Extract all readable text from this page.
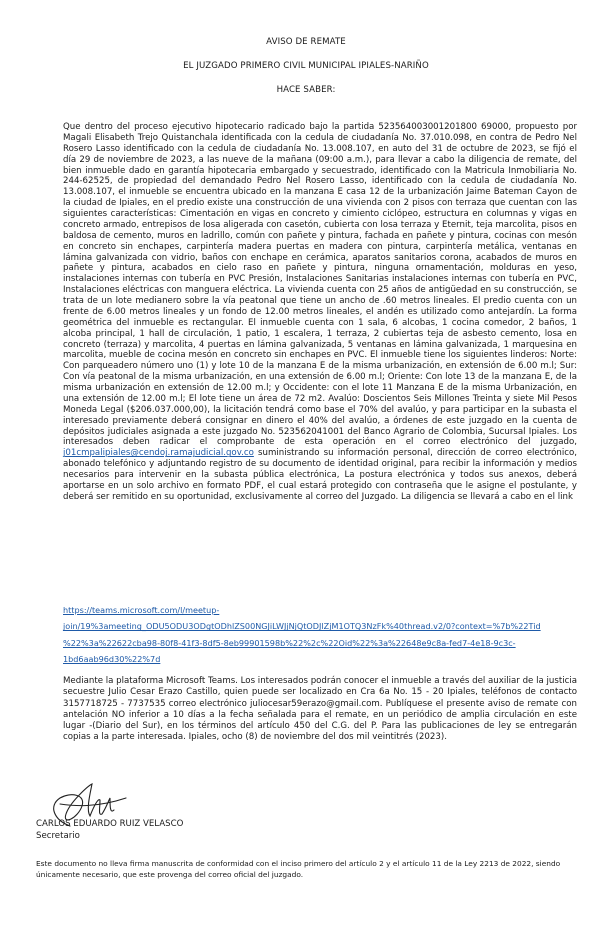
AVISO DE REMATE
EL JUZGADO PRIMERO CIVIL MUNICIPAL IPIALES-NARIÑO
HACE SABER:
Que dentro del proceso ejecutivo hipotecario radicado bajo la partida 523564003001201800 69000, propuesto por Magali Elisabeth Trejo Quistanchala identificada con la cedula de ciudadanía No. 37.010.098, en contra de Pedro Nel Rosero Lasso identificado con la cedula de ciudadanía No. 13.008.107, en auto del 31 de octubre de 2023, se fijó el día 29 de noviembre de 2023, a las nueve de la mañana (09:00 a.m.), para llevar a cabo la diligencia de remate, del bien inmueble dado en garantía hipotecaria embargado y secuestrado, identificado con la Matricula Inmobiliaria No. 244-62525, de propiedad del demandado Pedro Nel Rosero Lasso, identificado con la cedula de ciudadanía No. 13.008.107, el inmueble se encuentra ubicado en la manzana E casa 12 de la urbanización Jaime Bateman Cayon de la ciudad de Ipiales, en el predio existe una construcción de una vivienda con 2 pisos con terraza que cuentan con las siguientes características: Cimentación en vigas en concreto y cimiento ciclópeo, estructura en columnas y vigas en concreto armado, entrepisos de losa aligerada con casetón, cubierta con losa terraza y Eternit, teja marcolita, pisos en baldosa de cemento, muros en ladrillo, común con pañete y pintura, fachada en pañete y pintura, cocinas con mesón en concreto sin enchapes, carpintería madera puertas en madera con pintura, carpintería metálica, ventanas en lámina galvanizada con vidrio, baños con enchape en cerámica, aparatos sanitarios corona, acabados de muros en pañete y pintura, acabados en cielo raso en pañete y pintura, ninguna ornamentación, molduras en yeso, instalaciones internas con tubería en PVC Presión, Instalaciones Sanitarias instalaciones internas con tubería en PVC, Instalaciones eléctricas con manguera eléctrica. La vivienda cuenta con 25 años de antigüedad en su construcción, se trata de un lote medianero sobre la vía peatonal que tiene un ancho de .60 metros lineales. El predio cuenta con un frente de 6.00 metros lineales y un fondo de 12.00 metros lineales, el andén es utilizado como antejardín. La forma geométrica del inmueble es rectangular. El inmueble cuenta con 1 sala, 6 alcobas, 1 cocina comedor, 2 baños, 1 alcoba principal, 1 hall de circulación, 1 patio, 1 escalera, 1 terraza, 2 cubiertas teja de asbesto cemento, losa en concreto (terraza) y marcolita, 4 puertas en lámina galvanizada, 5 ventanas en lámina galvanizada, 1 marquesina en marcolita, mueble de cocina mesón en concreto sin enchapes en PVC. El inmueble tiene los siguientes linderos: Norte: Con parqueadero número uno (1) y lote 10 de la manzana E de la misma urbanización, en extensión de 6.00 m.l; Sur: Con vía peatonal de la misma urbanización, en una extensión de 6.00 m.l; Oriente: Con lote 13 de la manzana E, de la misma urbanización en extensión de 12.00 m.l; y Occidente: con el lote 11 Manzana E de la misma Urbanización, en una extensión de 12.00 m.l; El lote tiene un área de 72 m2. Avalúo: Doscientos Seis Millones Treinta y siete Mil Pesos Moneda Legal ($206.037.000,00), la licitación tendrá como base el 70% del avalúo, y para participar en la subasta el interesado previamente deberá consignar en dinero el 40% del avalúo, a órdenes de este juzgado en la cuenta de depósitos judiciales asignada a este juzgado No. 523562041001 del Banco Agrario de Colombia, Sucursal Ipiales. Los interesados deben radicar el comprobante de esta operación en el correo electrónico del juzgado, j01cmpalipiales@cendoj.ramajudicial.gov.co suministrando su información personal, dirección de correo electrónico, abonado telefónico y adjuntando registro de su documento de identidad original, para recibir la información y medios necesarios para intervenir en la subasta pública electrónica, La postura electrónica y todos sus anexos, deberá aportarse en un solo archivo en formato PDF, el cual estará protegido con contraseña que le asigne el postulante, y deberá ser remitido en su oportunidad, exclusivamente al correo del Juzgado. La diligencia se llevará a cabo en el link
https://teams.microsoft.com/l/meetup-
join/19%3ameeting_ODU5ODU3ODgtODhlZS00NGJiLWJjNjQtODJlZjM1OTQ3NzFk%40thread.v2/0?context=%7b%22Tid
%22%3a%22622cba98-80f8-41f3-8df5-8eb99901598b%22%2c%22Oid%22%3a%22648e9c8a-fed7-4e18-9c3c-
1bd6aab96d30%22%7d
Mediante la plataforma Microsoft Teams. Los interesados podrán conocer el inmueble a través del auxiliar de la justicia secuestre Julio Cesar Erazo Castillo, quien puede ser localizado en Cra 6a No. 15 - 20 Ipiales, teléfonos de contacto 3157718725 - 7737535 correo electrónico juliocesar59erazo@gmail.com. Publíquese el presente aviso de remate con antelación NO inferior a 10 días a la fecha señalada para el remate, en un periódico de amplia circulación en este lugar -(Diario del Sur), en los términos del artículo 450 del C.G. del P. Para las publicaciones de ley se entregarán copias a la parte interesada. Ipiales, ocho (8) de noviembre del dos mil veintitrés (2023).
CARLOS EDUARDO RUIZ VELASCO
Secretario
Este documento no lleva firma manuscrita de conformidad con el inciso primero del artículo 2 y el artículo 11 de la Ley 2213 de 2022, siendo únicamente necesario, que este provenga del correo oficial del juzgado.
